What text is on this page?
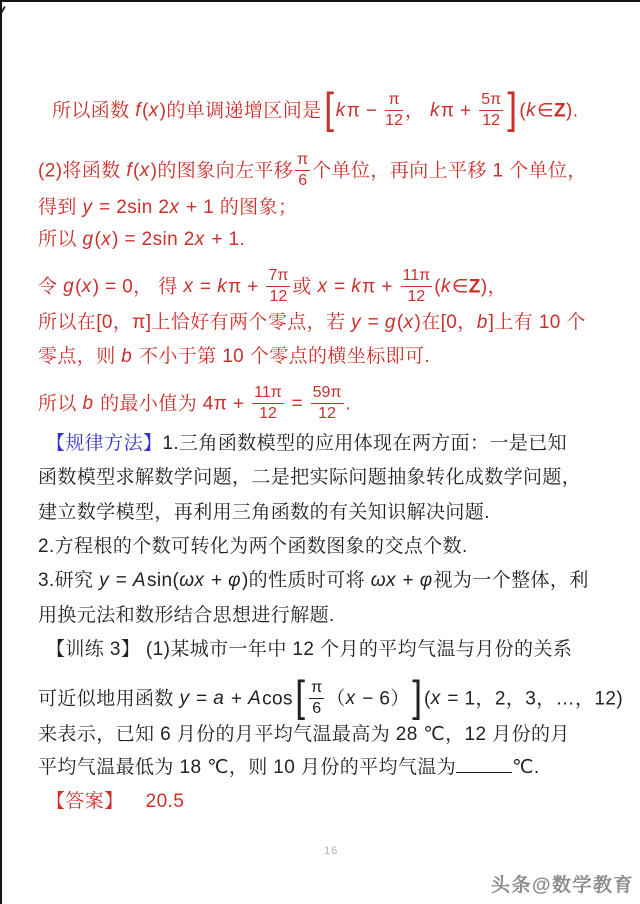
所以函数 f(x)的单调递增区间是[ $k\pi - \frac{\pi}{12}$ ， $k\pi + \frac{5\pi}{12}$ ] (k∈Z).
(2)将函数 f(x)的图象向左平移 $\frac{\pi}{6}$ 个单位，再向上平移 1 个单位，
得到 y = 2sin 2x + 1 的图象；
所以 g(x) = 2sin 2x + 1.
令 g(x) = 0， 得 $x = k\pi + \frac{7\pi}{12}$ 或 $x = k\pi + \frac{11\pi}{12}$ (k∈Z)，
所以在[0，π]上恰好有两个零点，若 y = g(x)在[0，b]上有 10 个
零点，则 b 不小于第 10 个零点的横坐标即可.
所以 b 的最小值为 $4\pi + \frac{11\pi}{12} = \frac{59\pi}{12}$ .
【规律方法】1.三角函数模型的应用体现在两方面：一是已知
函数模型求解数学问题，二是把实际问题抽象转化成数学问题，
建立数学模型，再利用三角函数的有关知识解决问题.
2.方程根的个数可转化为两个函数图象的交点个数.
3.研究 y = Asin(ωx + φ)的性质时可将 ωx + φ视为一个整体，利
用换元法和数形结合思想进行解题.
【训练 3】 (1)某城市一年中 12 个月的平均气温与月份的关系
可近似地用函数 $y = a + Acos[ \frac{\pi}{6} (x - 6)]$ (x = 1，2，3，…，12)
来表示，已知 6 月份的月平均气温最高为 28 ℃，12 月份的月
平均气温最低为 18 ℃，则 10 月份的平均气温为	℃.
【答案】 20.5
16
头条@数学教育
